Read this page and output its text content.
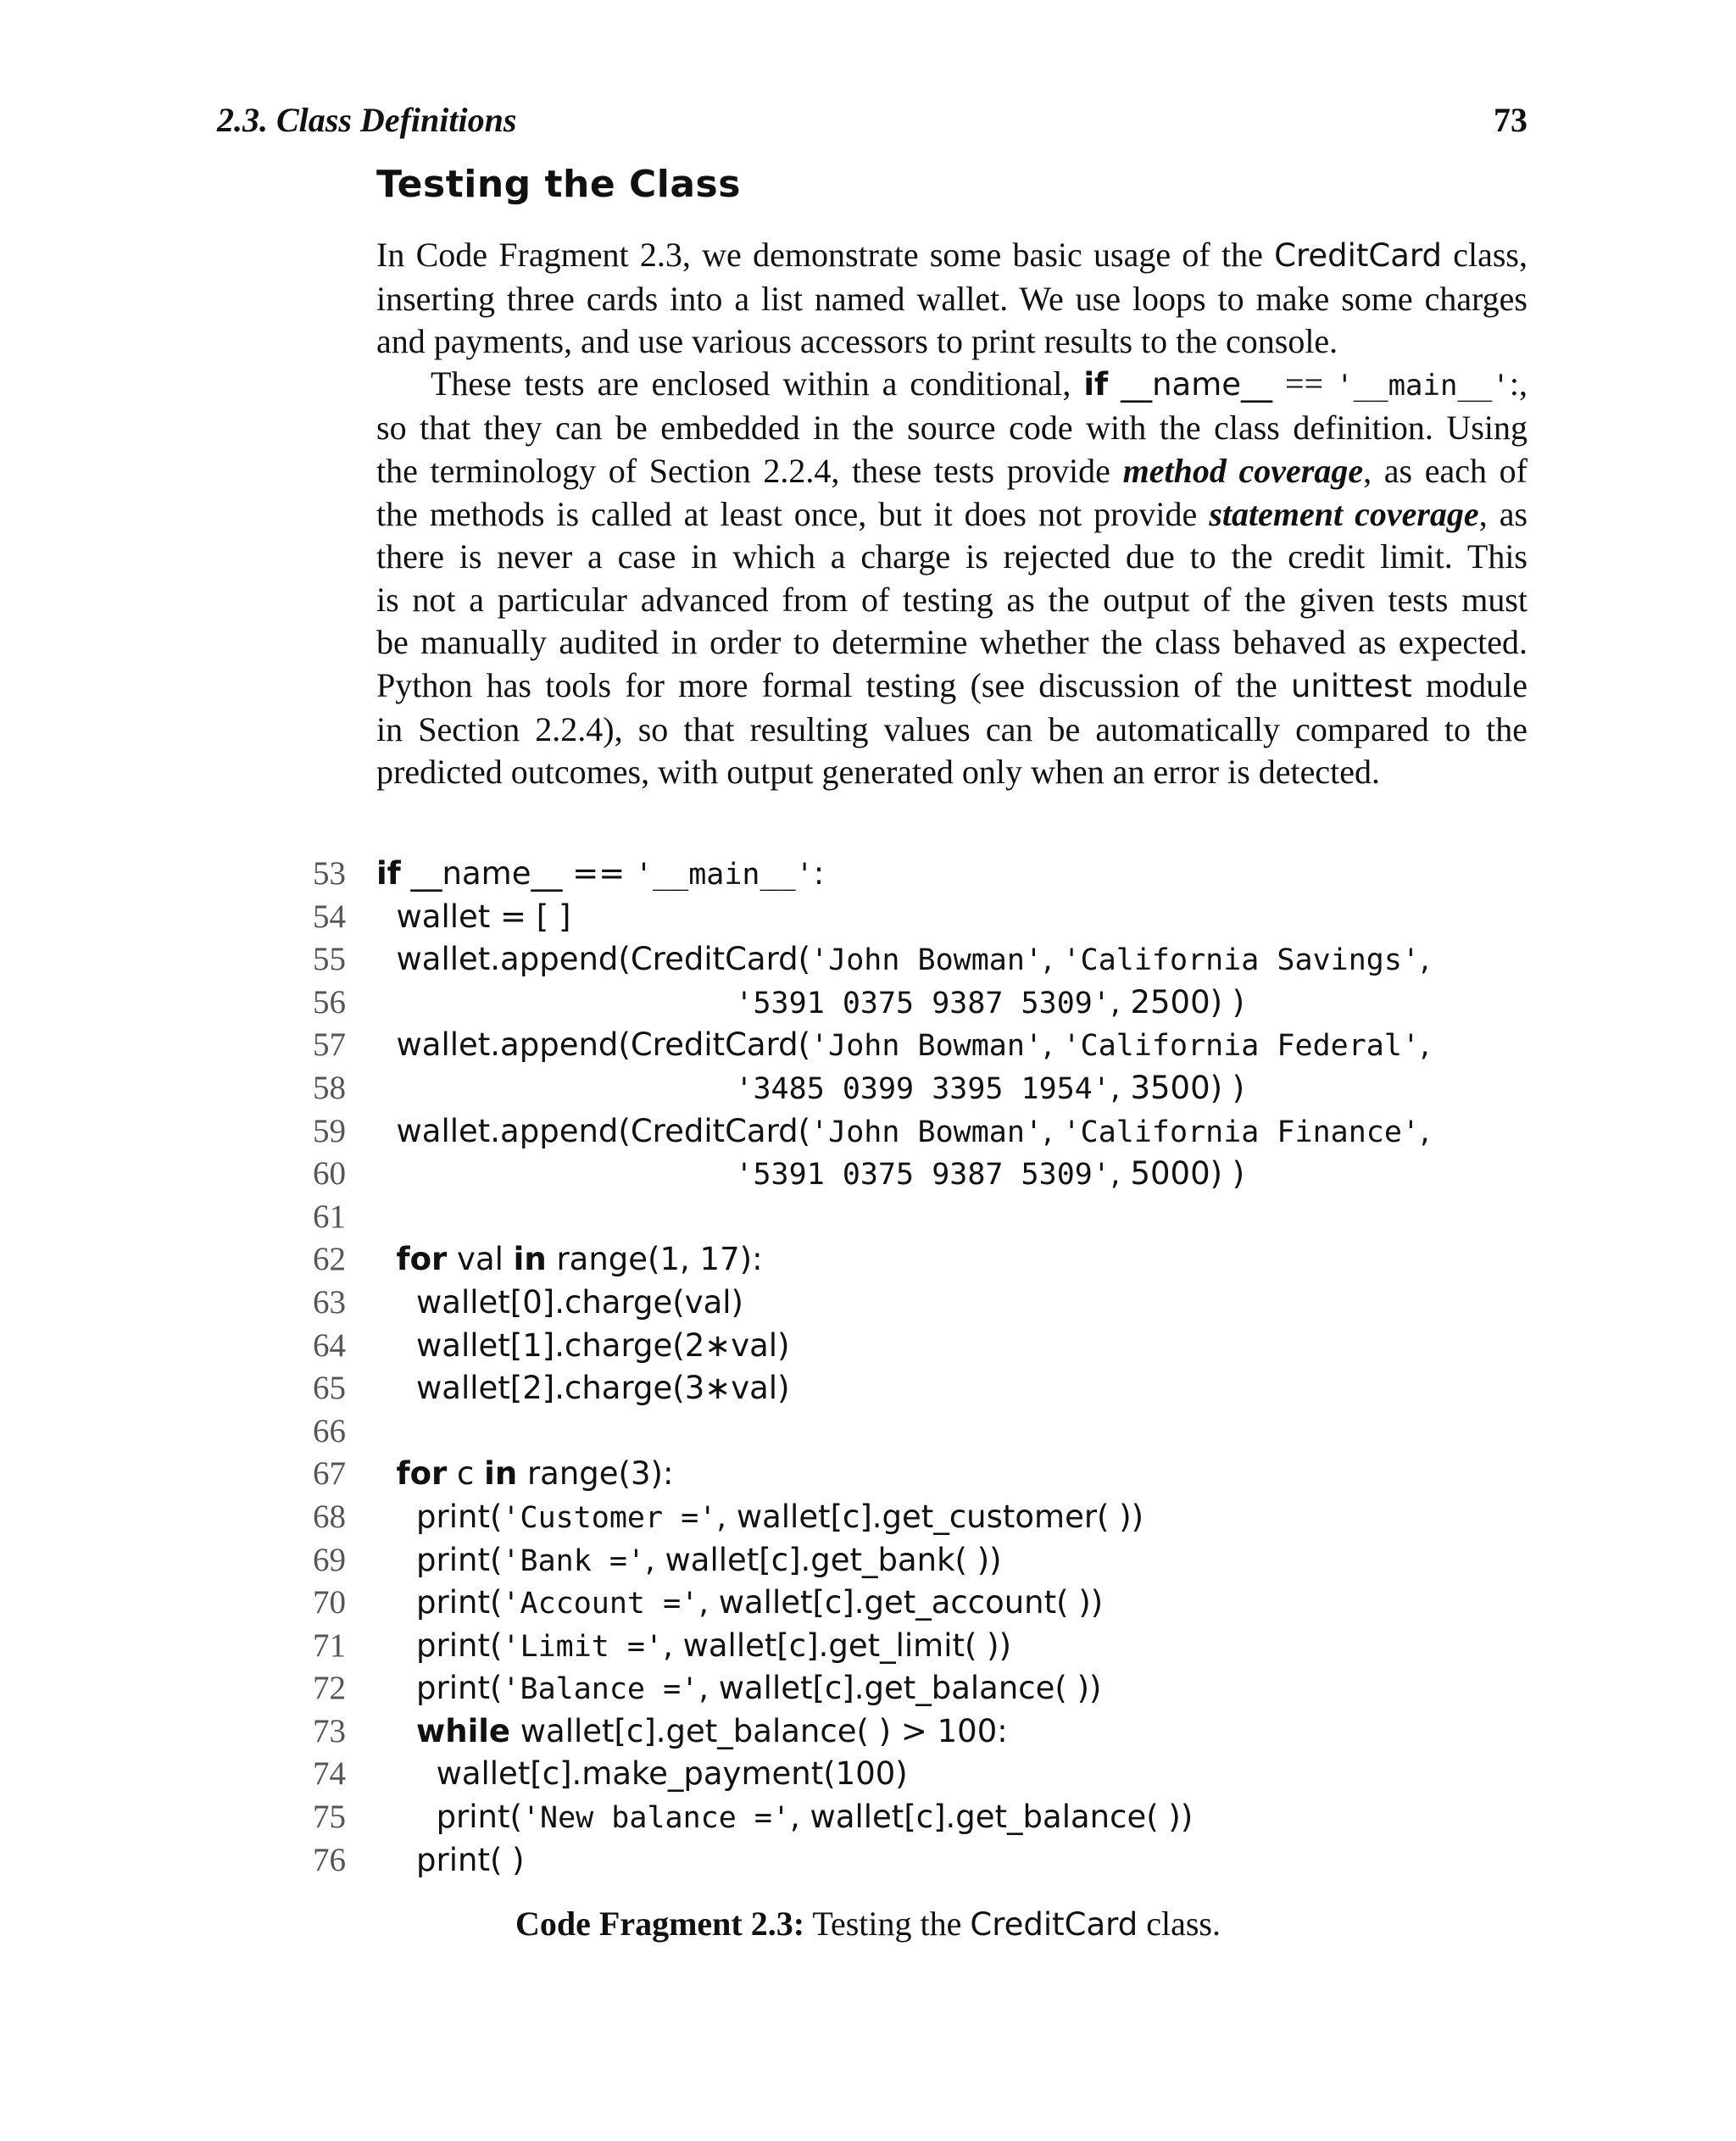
2.3. Class Definitions	73
Testing the Class
In Code Fragment 2.3, we demonstrate some basic usage of the CreditCard class,
inserting three cards into a list named wallet. We use loops to make some charges
and payments, and use various accessors to print results to the console.
These tests are enclosed within a conditional, if __name__ == '__main__':,
so that they can be embedded in the source code with the class definition. Using
the terminology of Section 2.2.4, these tests provide method coverage, as each of
the methods is called at least once, but it does not provide statement coverage, as
there is never a case in which a charge is rejected due to the credit limit. This
is not a particular advanced from of testing as the output of the given tests must
be manually audited in order to determine whether the class behaved as expected.
Python has tools for more formal testing (see discussion of the unittest module
in Section 2.2.4), so that resulting values can be automatically compared to the
predicted outcomes, with output generated only when an error is detected.
53 if __name__ == '__main__':
54 wallet = [ ]
55 wallet.append(CreditCard('John Bowman', 'California Savings',
56	'5391 0375 9387 5309', 2500) )
57 wallet.append(CreditCard('John Bowman', 'California Federal',
58	'3485 0399 3395 1954', 3500) )
59 wallet.append(CreditCard('John Bowman', 'California Finance',
60	'5391 0375 9387 5309', 5000) )
61
62	for val in range(1, 17):
63 wallet[0].charge(val)
64 wallet[1].charge(2∗val)
65 wallet[2].charge(3∗val)
66
67	for c in range(3):
68 print('Customer =', wallet[c].get_customer( ))
69 print('Bank =', wallet[c].get_bank( ))
70 print('Account =', wallet[c].get_account( ))
71 print('Limit =', wallet[c].get_limit( ))
72 print('Balance =', wallet[c].get_balance( ))
73	while wallet[c].get_balance( ) > 100:
74 wallet[c].make_payment(100)
75 print('New balance =', wallet[c].get_balance( ))
76 print( )
Code Fragment 2.3: Testing the CreditCard class.
